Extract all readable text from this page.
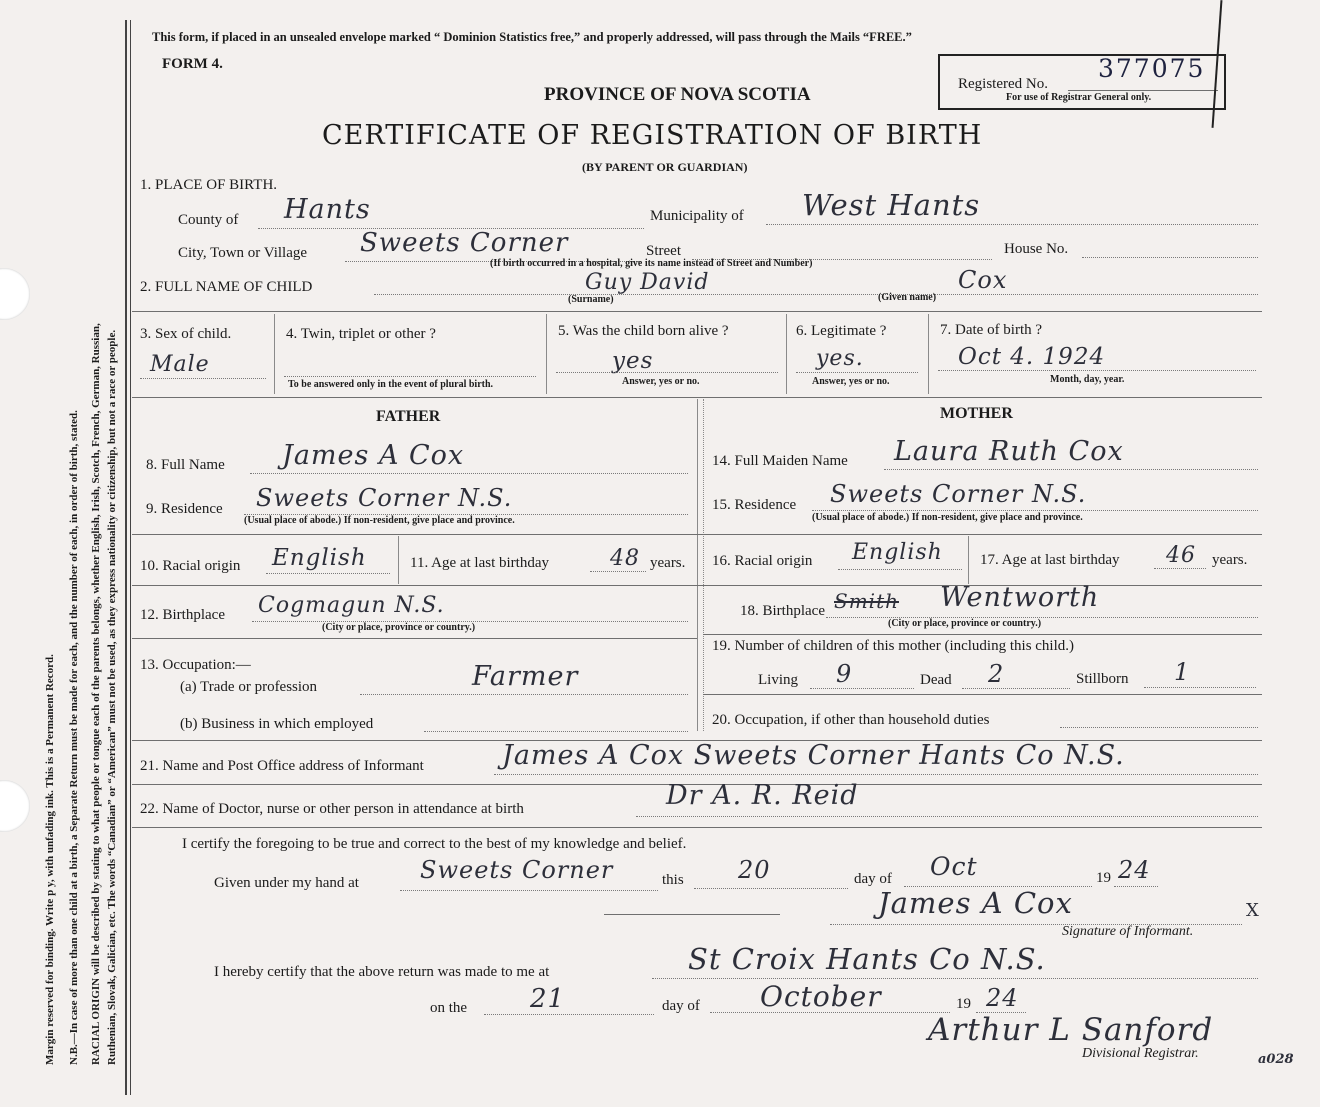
Margin reserved for binding. Write p y, with unfading ink. This is a Permanent Record. N.B.—In case of more than one child at a birth, a Separate Return must be made for each, and the number of each, in order of birth, stated. RACIAL ORIGIN will be described by stating to what people or tongue each of the parents belongs, whether English, Irish, Scotch, French, German, Russian, Ruthenian, Slovak, Galician, etc. The words “Canadian” or “American” must not be used, as they express nationality or citizenship, but not a race or people.
This form, if placed in an unsealed envelope marked “ Dominion Statistics free,” and properly addressed, will pass through the Mails “FREE.”
FORM 4.
Registered No.
377075
For use of Registrar General only.
PROVINCE OF NOVA SCOTIA
CERTIFICATE OF REGISTRATION OF BIRTH
(BY PARENT OR GUARDIAN)
1. PLACE OF BIRTH.
County of Hants	Municipality of West Hants
City, Town or Village Sweets Corner	Street	House No.
(If birth occurred in a hospital, give its name instead of Street and Number)
2. FULL NAME OF CHILD	Guy David	Cox
(Surname)	(Given name)
3. Sex of child.
Male
4. Twin, triplet or other ?
To be answered only in the event of plural birth.
5. Was the child born alive ?
yes
Answer, yes or no.
6. Legitimate ?
yes.
Answer, yes or no.
7. Date of birth ?
Oct 4. 1924
Month, day, year.
FATHER	MOTHER
8. Full Name James A Cox	14. Full Maiden Name Laura Ruth Cox
9. Residence Sweets Corner N.S.
(Usual place of abode.) If non-resident, give place and province.
15. Residence Sweets Corner N.S.
(Usual place of abode.) If non-resident, give place and province.
10. Racial origin English	11. Age at last birthday	48 years. 16. Racial origin English 17. Age at last birthday 46 years.
12. Birthplace Cogmagun N.S.
(City or place, province or country.)
18. Birthplace Smith Wentworth
(City or place, province or country.)
13. Occupation:—
(a) Trade or profession	Farmer
19. Number of children of this mother (including this child.)
Living 9	Dead 2	Stillborn 1
(b) Business in which employed	20. Occupation, if other than household duties
21. Name and Post Office address of Informant	James A Cox Sweets Corner Hants Co N.S.
22. Name of Doctor, nurse or other person in attendance at birth	Dr A. R. Reid
I certify the foregoing to be true and correct to the best of my knowledge and belief.
Given under my hand at	Sweets Corner	this 20	day of Oct	19 24
James A Cox	X
Signature of Informant.
I hereby certify that the above return was made to me at	St Croix Hants Co N.S.
on the 21	day of October	19 24
Arthur L Sanford
Divisional Registrar.	a028
